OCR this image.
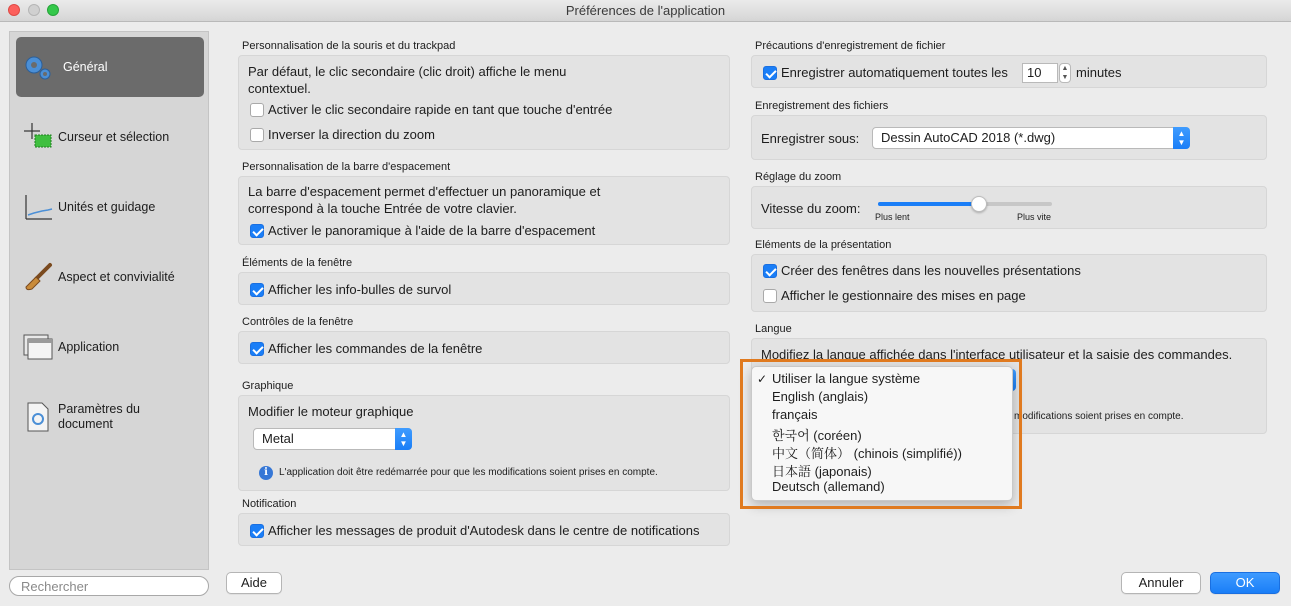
Préférences de l'application
Général
Curseur et sélection
Unités et guidage
Aspect et convivialité
Application
Paramètres du document
Rechercher
Personnalisation de la souris et du trackpad
Par défaut, le clic secondaire (clic droit) affiche le menu contextuel.
Activer le clic secondaire rapide en tant que touche d'entrée
Inverser la direction du zoom
Personnalisation de la barre d'espacement
La barre d'espacement permet d'effectuer un panoramique et correspond à la touche Entrée de votre clavier.
Activer le panoramique à l'aide de la barre d'espacement
Éléments de la fenêtre
Afficher les info-bulles de survol
Contrôles de la fenêtre
Afficher les commandes de la fenêtre
Graphique
Modifier le moteur graphique
Metal	▲
▼
i	L'application doit être redémarrée pour que les modifications soient prises en compte.
Notification
Afficher les messages de produit d'Autodesk dans le centre de notifications
Précautions d'enregistrement de fichier
Enregistrer automatiquement toutes les	10	▲
▼ minutes
Enregistrement des fichiers
Enregistrer sous:	Dessin AutoCAD 2018 (*.dwg)	▲
▼
Réglage du zoom
Vitesse du zoom:
Plus lent	Plus vite
Eléments de la présentation
Créer des fenêtres dans les nouvelles présentations
Afficher le gestionnaire des mises en page
Langue
Modifiez la langue affichée dans l'interface utilisateur et la saisie des commandes.

modifications soient prises en compte.
✓ Utiliser la langue système
English (anglais)
français
한국어 (coréen)
中文（简体） (chinois (simplifié))
日本語 (japonais)
Deutsch (allemand)
Aide	Annuler	OK
